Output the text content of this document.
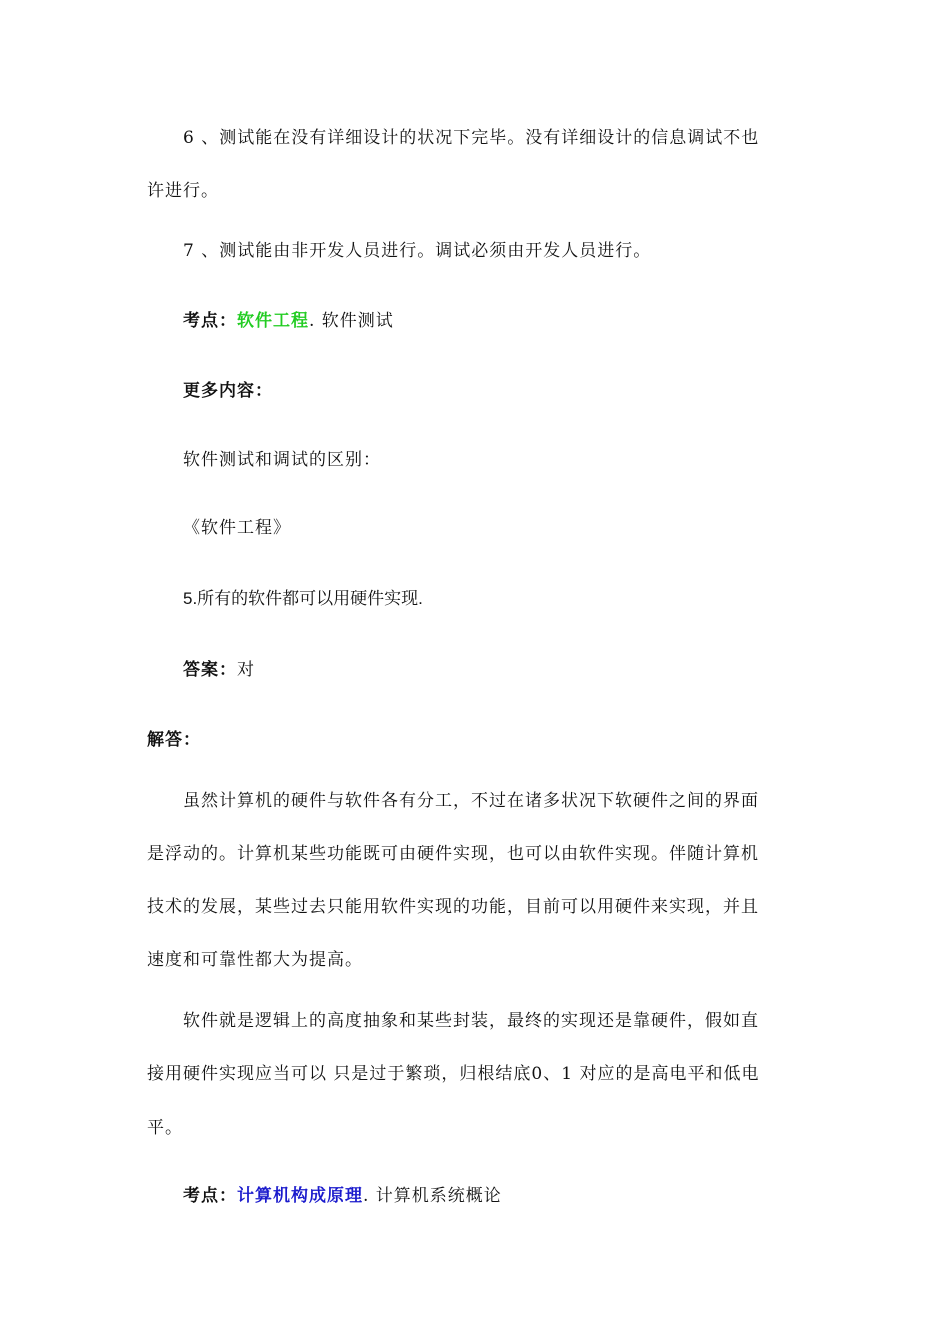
6 、测试能在没有详细设计的状况下完毕。没有详细设计的信息调试不也
许进行。
7 、测试能由非开发人员进行。调试必须由开发人员进行。
考点：软件工程. 软件测试
更多内容：
软件测试和调试的区别：
《软件工程》
5.所有的软件都可以用硬件实现.
答案：对
解答：
虽然计算机的硬件与软件各有分工，不过在诸多状况下软硬件之间的界面
是浮动的。计算机某些功能既可由硬件实现，也可以由软件实现。伴随计算机
技术的发展，某些过去只能用软件实现的功能，目前可以用硬件来实现，并且
速度和可靠性都大为提高。
软件就是逻辑上的高度抽象和某些封装，最终的实现还是靠硬件，假如直
接用硬件实现应当可以 只是过于繁琐，归根结底0、1 对应的是高电平和低电
平。
考点：计算机构成原理. 计算机系统概论
